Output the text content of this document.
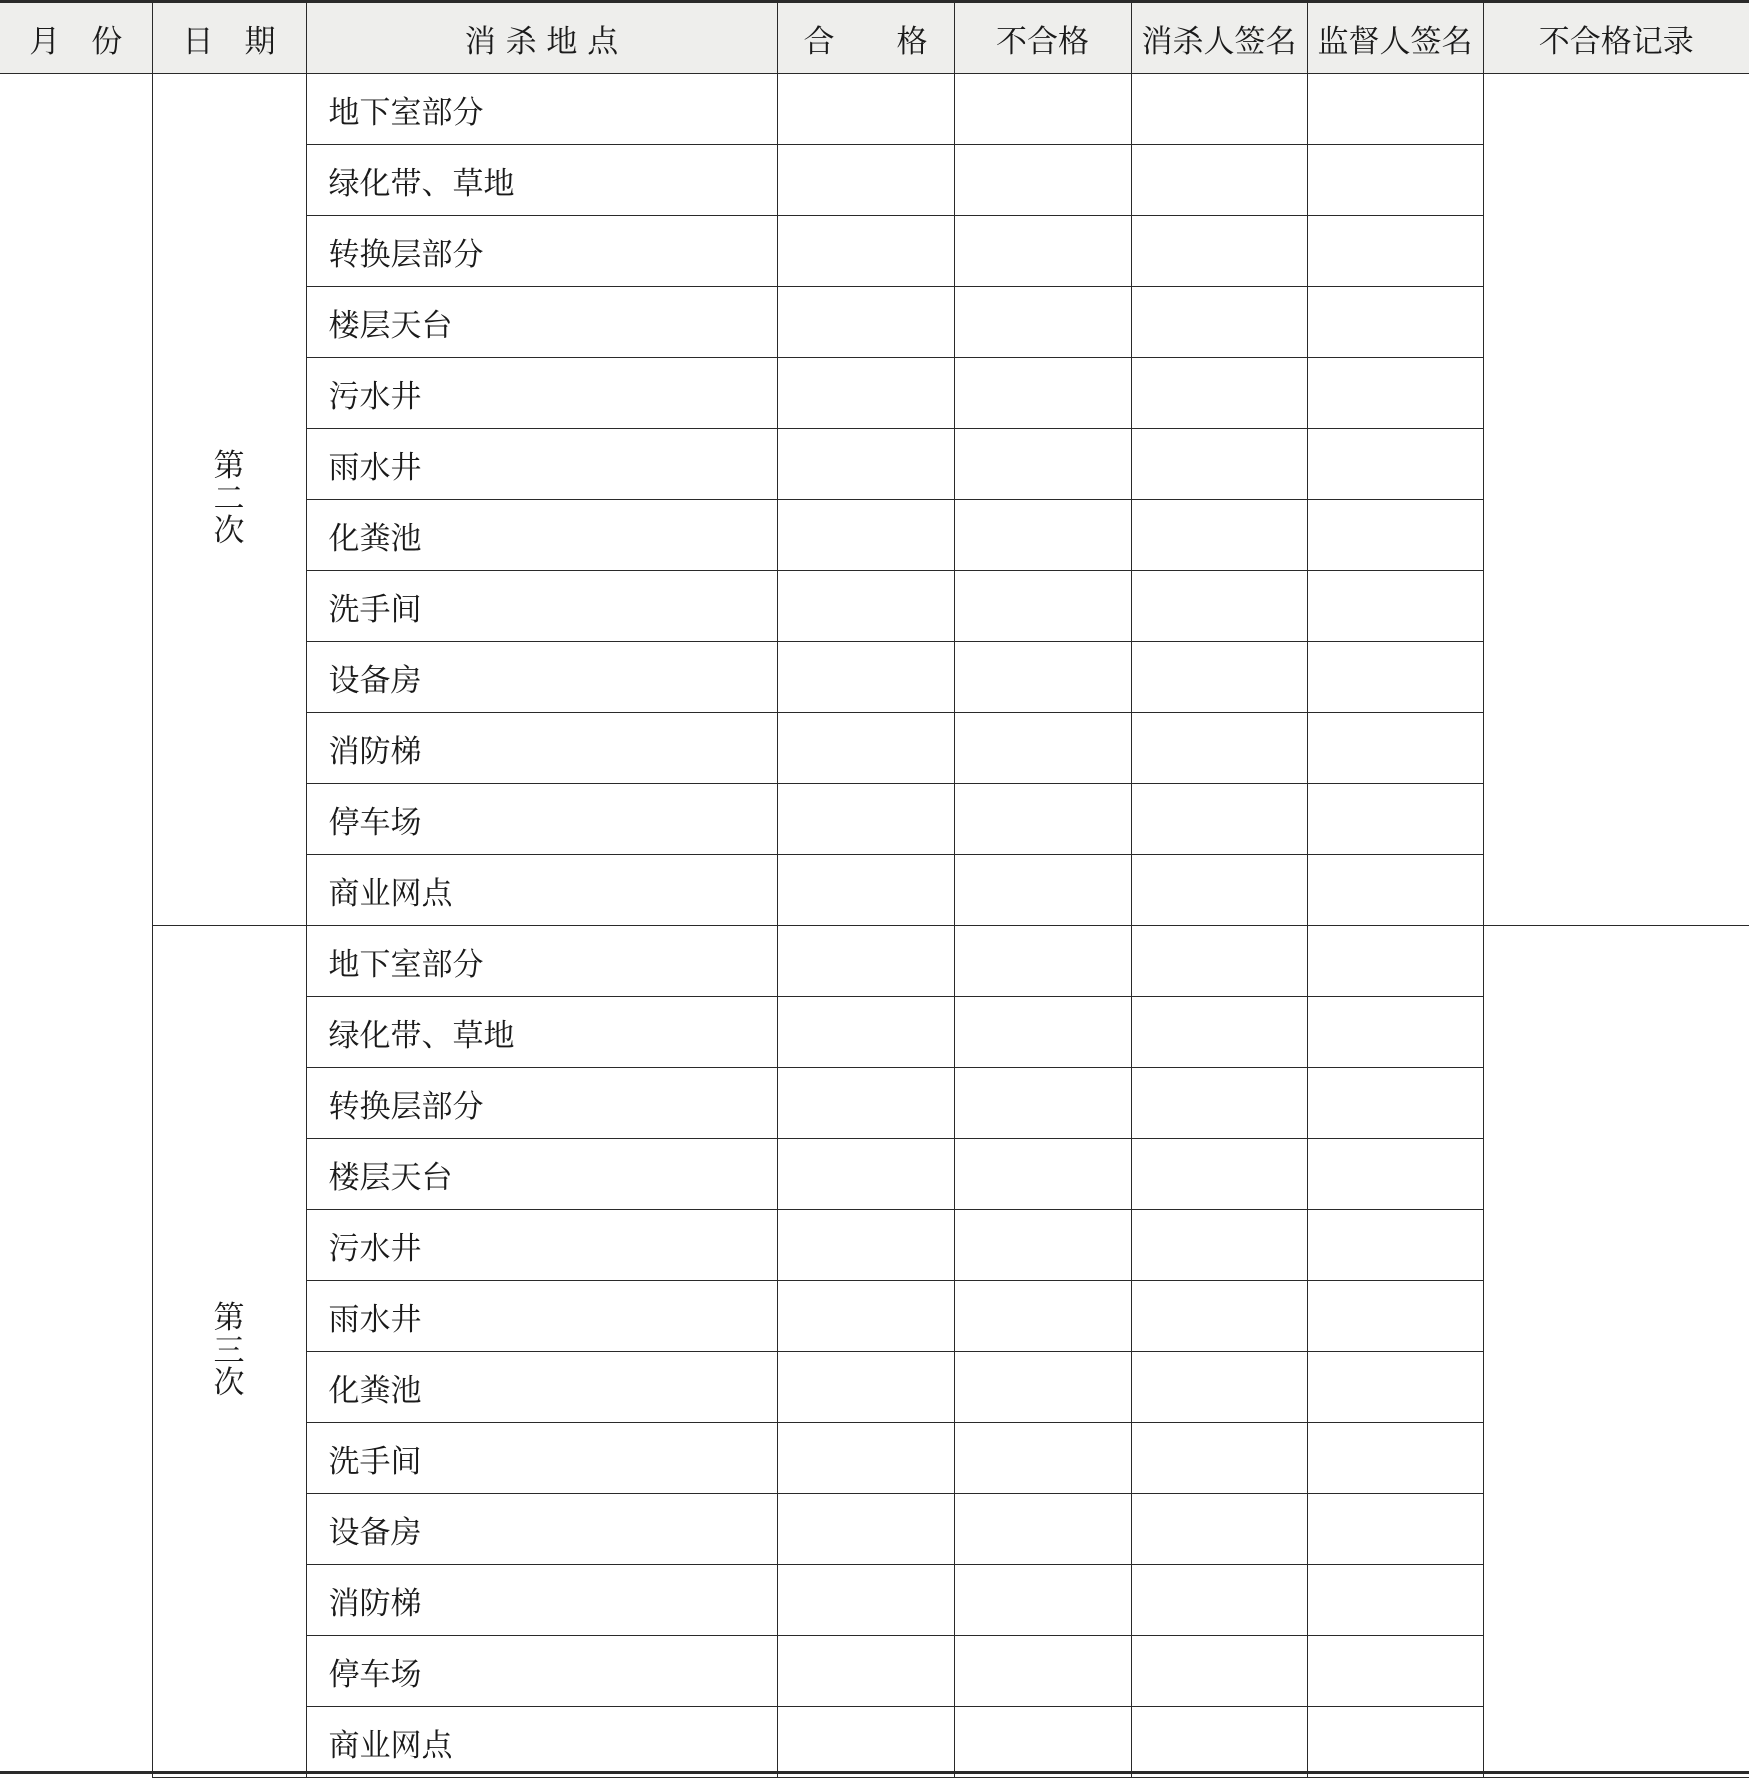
月　份	日　期	消 杀 地 点	合　　格	不合格	消杀人签名	监督人签名	不合格记录
	第二次	地下室部分					
		绿化带、草地					
		转换层部分					
		楼层天台					
		污水井					
		雨水井					
		化粪池					
		洗手间					
		设备房					
		消防梯					
		停车场					
		商业网点					
	第三次	地下室部分					
		绿化带、草地					
		转换层部分					
		楼层天台					
		污水井					
		雨水井					
		化粪池					
		洗手间					
		设备房					
		消防梯					
		停车场					
		商业网点					
